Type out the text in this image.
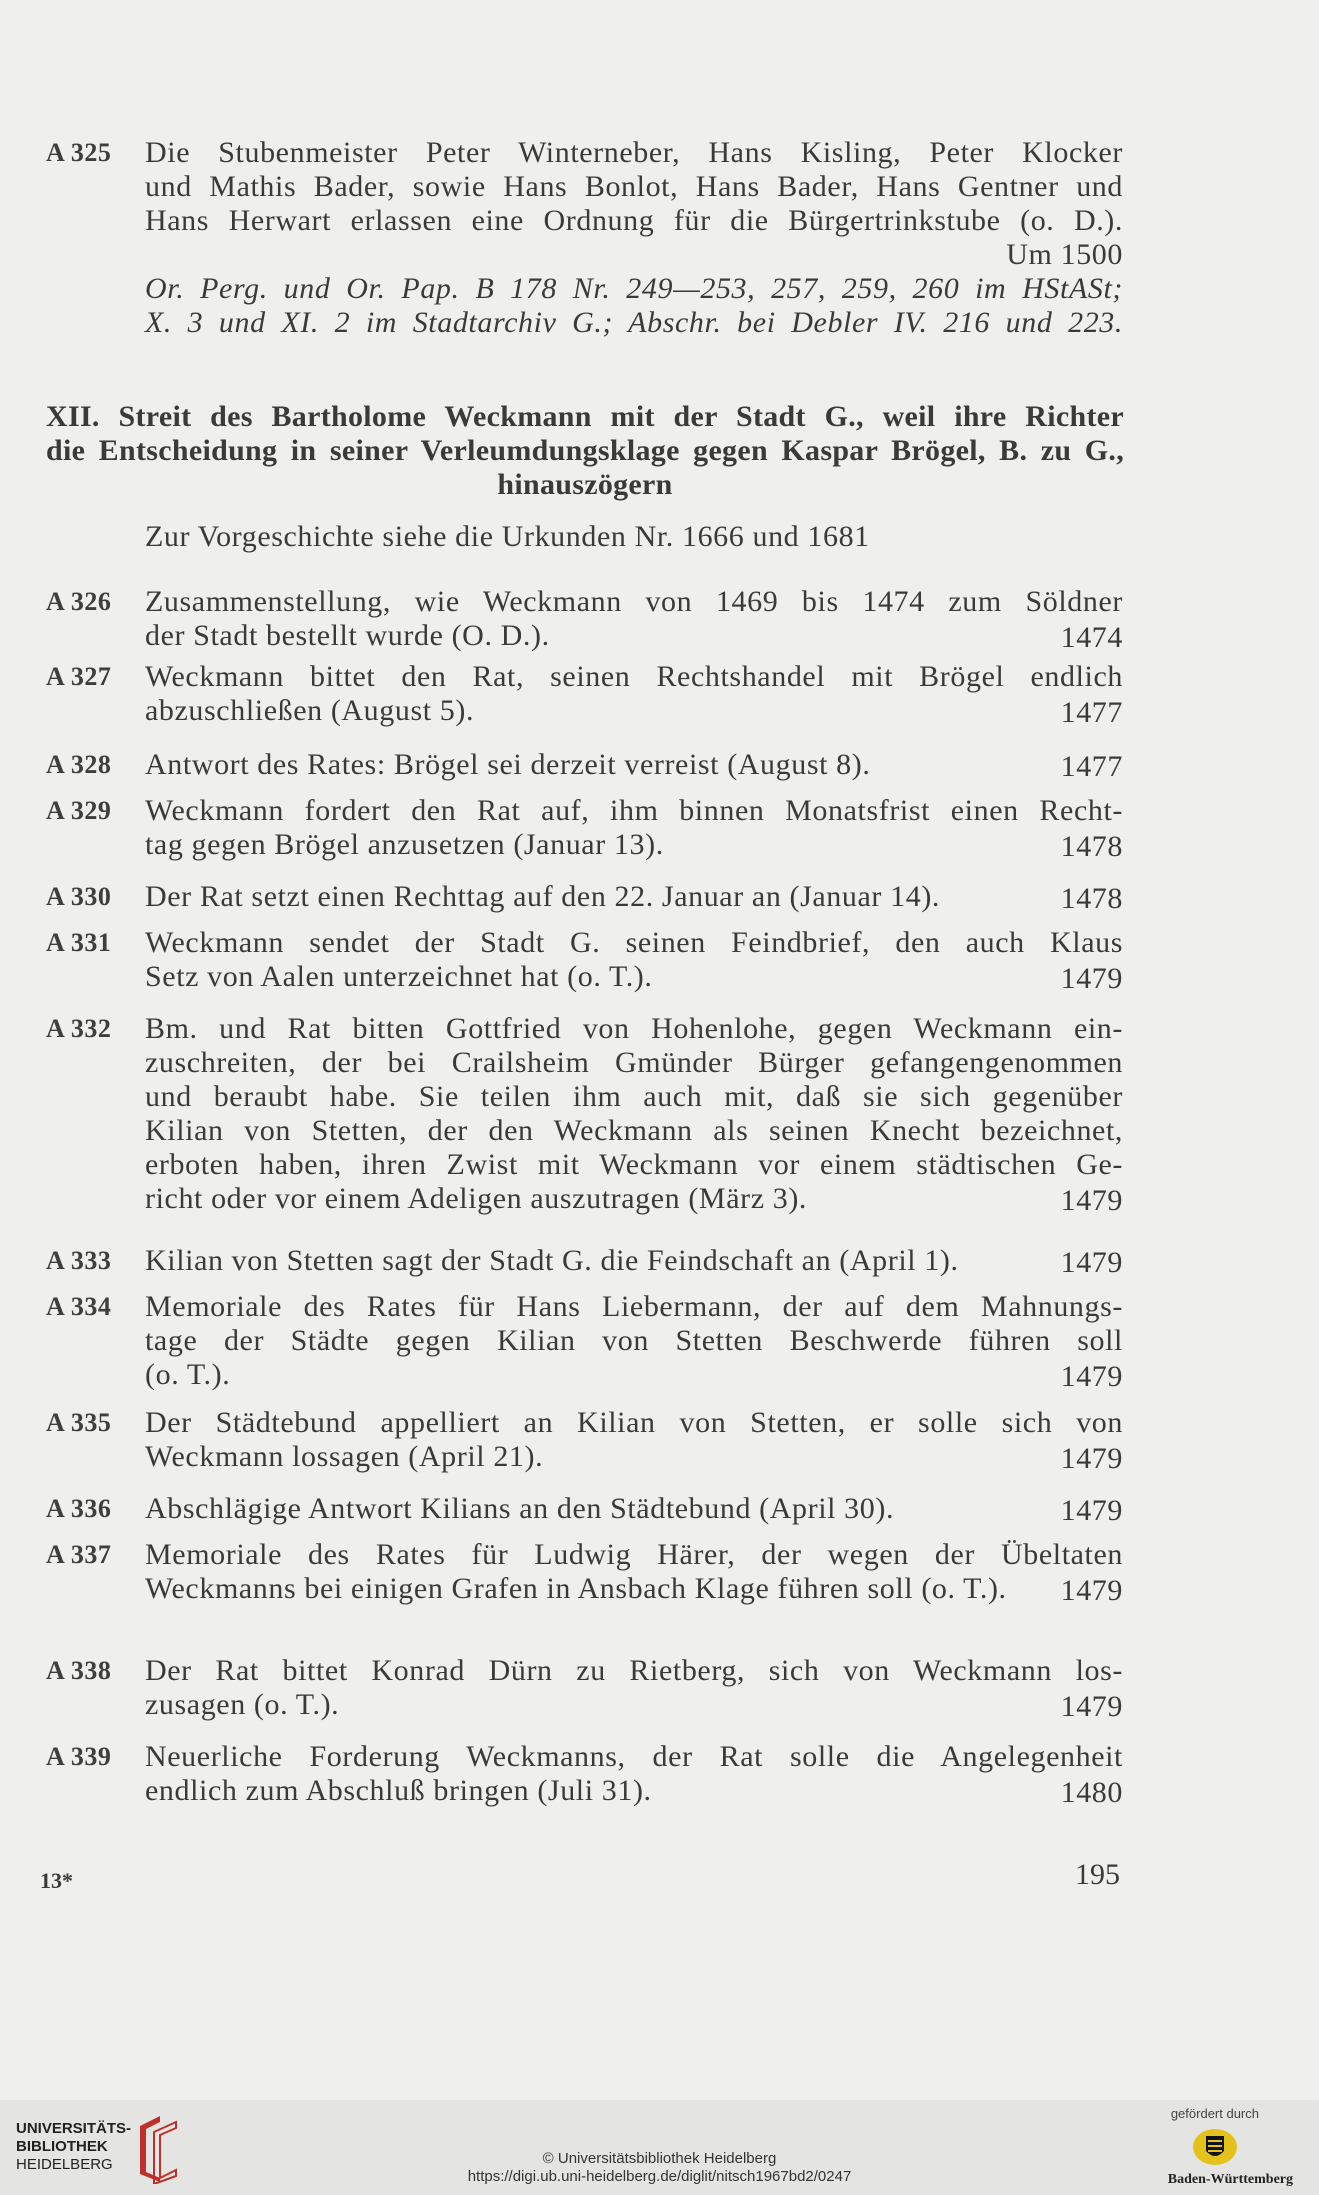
A 325 Die Stubenmeister Peter Winterneber, Hans Kisling, Peter Klocker
und Mathis Bader, sowie Hans Bonlot, Hans Bader, Hans Gentner und
Hans Herwart erlassen eine Ordnung für die Bürgertrinkstube (o. D.).
Um 1500
Or. Perg. und Or. Pap. B 178 Nr. 249—253, 257, 259, 260 im HStASt;
X. 3 und XI. 2 im Stadtarchiv G.; Abschr. bei Debler IV. 216 und 223.
XII. Streit des Bartholome Weckmann mit der Stadt G., weil ihre Richter
die Entscheidung in seiner Verleumdungsklage gegen Kaspar Brögel, B. zu G.,
hinauszögern
Zur Vorgeschichte siehe die Urkunden Nr. 1666 und 1681
A 326 Zusammenstellung, wie Weckmann von 1469 bis 1474 zum Söldner
der Stadt bestellt wurde (O. D.).	1474
A 327 Weckmann bittet den Rat, seinen Rechtshandel mit Brögel endlich
abzuschließen (August 5).	1477
A 328 Antwort des Rates: Brögel sei derzeit verreist (August 8).	1477
A 329 Weckmann fordert den Rat auf, ihm binnen Monatsfrist einen Recht-
tag gegen Brögel anzusetzen (Januar 13).	1478
A 330 Der Rat setzt einen Rechttag auf den 22. Januar an (Januar 14).	1478
A 331 Weckmann sendet der Stadt G. seinen Feindbrief, den auch Klaus
Setz von Aalen unterzeichnet hat (o. T.).	1479
A 332 Bm. und Rat bitten Gottfried von Hohenlohe, gegen Weckmann ein-
zuschreiten, der bei Crailsheim Gmünder Bürger gefangengenommen
und beraubt habe. Sie teilen ihm auch mit, daß sie sich gegenüber
Kilian von Stetten, der den Weckmann als seinen Knecht bezeichnet,
erboten haben, ihren Zwist mit Weckmann vor einem städtischen Ge-
richt oder vor einem Adeligen auszutragen (März 3).	1479
A 333 Kilian von Stetten sagt der Stadt G. die Feindschaft an (April 1).	1479
A 334 Memoriale des Rates für Hans Liebermann, der auf dem Mahnungs-
tage der Städte gegen Kilian von Stetten Beschwerde führen soll
(o. T.).	1479
A 335 Der Städtebund appelliert an Kilian von Stetten, er solle sich von
Weckmann lossagen (April 21).	1479
A 336 Abschlägige Antwort Kilians an den Städtebund (April 30).	1479
A 337 Memoriale des Rates für Ludwig Härer, der wegen der Übeltaten
Weckmanns bei einigen Grafen in Ansbach Klage führen soll (o. T.).	1479
A 338 Der Rat bittet Konrad Dürn zu Rietberg, sich von Weckmann los-
zusagen (o. T.).	1479
A 339 Neuerliche Forderung Weckmanns, der Rat solle die Angelegenheit
endlich zum Abschluß bringen (Juli 31).	1480
13*	195
UNIVERSITÄTS-
BIBLIOTHEK
HEIDELBERG	© Universitätsbibliothek Heidelberg
https://digi.ub.uni-heidelberg.de/diglit/nitsch1967bd2/0247
gefördert durch
Baden-Württemberg
